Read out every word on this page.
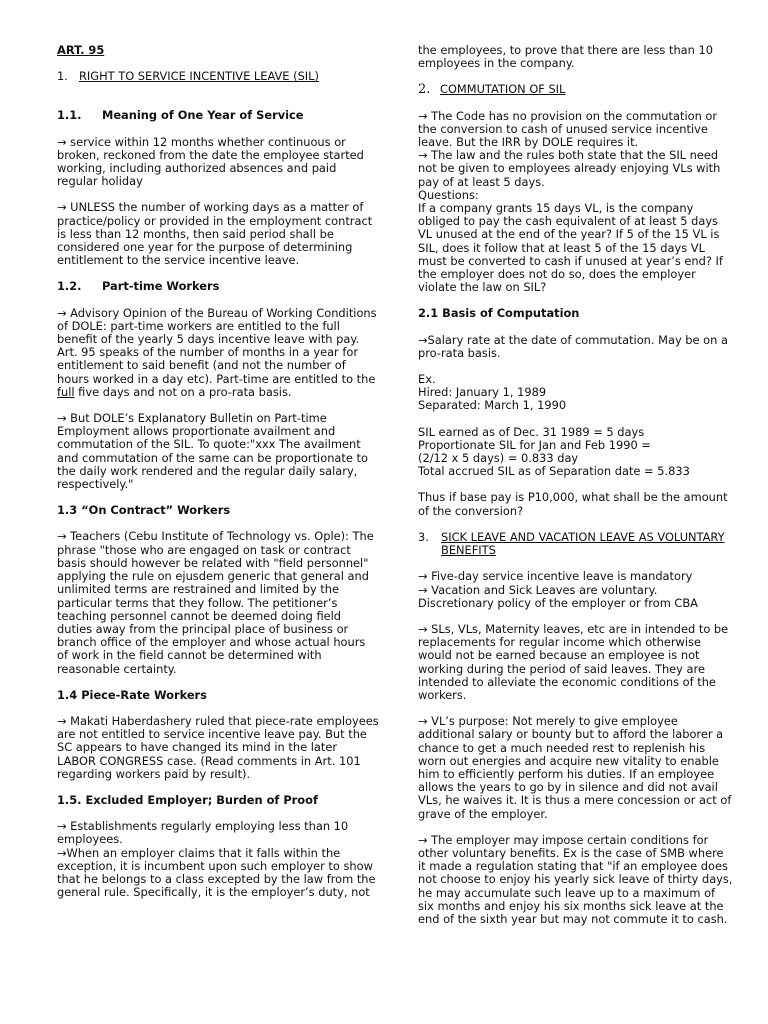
ART. 95

1. RIGHT TO SERVICE INCENTIVE LEAVE (SIL)
1.1.	Meaning of One Year of Service

→ service within 12 months whether continuous or broken, reckoned from the date the employee started working, including authorized absences and paid regular holiday

→ UNLESS the number of working days as a matter of practice/policy or provided in the employment contract is less than 12 months, then said period shall be considered one year for the purpose of determining entitlement to the service incentive leave.

1.2.	Part-time Workers

→ Advisory Opinion of the Bureau of Working Conditions of DOLE: part-time workers are entitled to the full benefit of the yearly 5 days incentive leave with pay.

Art. 95 speaks of the number of months in a year for entitlement to said benefit (and not the number of hours worked in a day etc). Part-time are entitled to the full five days and not on a pro-rata basis.

→ But DOLE’s Explanatory Bulletin on Part-time Employment allows proportionate availment and commutation of the SIL. To quote:"xxx The availment and commutation of the same can be proportionate to the daily work rendered and the regular daily salary, respectively."

1.3 “On Contract” Workers

→ Teachers (Cebu Institute of Technology vs. Ople): The phrase "those who are engaged on task or contract basis should however be related with "field personnel" applying the rule on ejusdem generic that general and unlimited terms are restrained and limited by the particular terms that they follow. The petitioner’s teaching personnel cannot be deemed doing field duties away from the principal place of business or branch office of the employer and whose actual hours of work in the field cannot be determined with reasonable certainty.

1.4 Piece-Rate Workers

→ Makati Haberdashery ruled that piece-rate employees are not entitled to service incentive leave pay. But the SC appears to have changed its mind in the later LABOR CONGRESS case. (Read comments in Art. 101 regarding workers paid by result).

1.5. Excluded Employer; Burden of Proof

→ Establishments regularly employing less than 10 employees.

→When an employer claims that it falls within the exception, it is incumbent upon such employer to show that he belongs to a class excepted by the law from the general rule. Specifically, it is the employer’s duty, not

the employees, to prove that there are less than 10 employees in the company.

2. COMMUTATION OF SIL

→ The Code has no provision on the commutation or the conversion to cash of unused service incentive leave. But the IRR by DOLE requires it.

→ The law and the rules both state that the SIL need not be given to employees already enjoying VLs with pay of at least 5 days.

Questions:

If a company grants 15 days VL, is the company obliged to pay the cash equivalent of at least 5 days VL unused at the end of the year? If 5 of the 15 VL is SIL, does it follow that at least 5 of the 15 days VL must be converted to cash if unused at year’s end? If the employer does not do so, does the employer violate the law on SIL?

2.1 Basis of Computation

→Salary rate at the date of commutation. May be on a pro-rata basis.

Ex.

Hired: January 1, 1989

Separated: March 1, 1990

SIL earned as of Dec. 31 1989 = 5 days

Proportionate SIL for Jan and Feb 1990 =

(2/12 x 5 days) = 0.833 day

Total accrued SIL as of Separation date = 5.833

Thus if base pay is P10,000, what shall be the amount of the conversion?

3.	SICK LEAVE AND VACATION LEAVE AS VOLUNTARY BENEFITS

→ Five-day service incentive leave is mandatory

→ Vacation and Sick Leaves are voluntary.

Discretionary policy of the employer or from CBA

→ SLs, VLs, Maternity leaves, etc are in intended to be replacements for regular income which otherwise would not be earned because an employee is not working during the period of said leaves. They are intended to alleviate the economic conditions of the workers.

→ VL’s purpose: Not merely to give employee additional salary or bounty but to afford the laborer a chance to get a much needed rest to replenish his worn out energies and acquire new vitality to enable him to efficiently perform his duties. If an employee allows the years to go by in silence and did not avail VLs, he waives it. It is thus a mere concession or act of grave of the employer.

→ The employer may impose certain conditions for other voluntary benefits. Ex is the case of SMB where it made a regulation stating that "if an employee does not choose to enjoy his yearly sick leave of thirty days, he may accumulate such leave up to a maximum of six months and enjoy his six months sick leave at the end of the sixth year but may not commute it to cash.
